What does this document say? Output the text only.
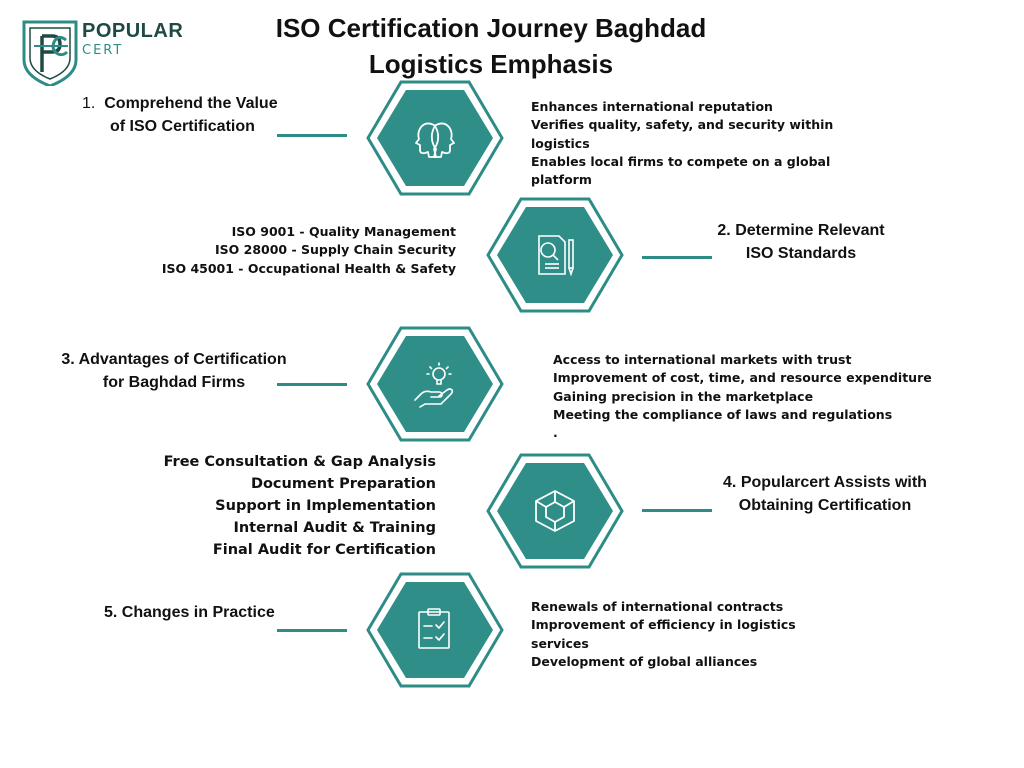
POPULAR
CERT
ISO Certification Journey Baghdad
Logistics Emphasis
1. Comprehend the Value
of ISO Certification
Enhances international reputation
Verifies quality, safety, and security within
logistics
Enables local firms to compete on a global
platform
ISO 9001 - Quality Management
ISO 28000 - Supply Chain Security
ISO 45001 - Occupational Health & Safety
2. Determine Relevant
ISO Standards
3. Advantages of Certification
for Baghdad Firms
Access to international markets with trust
Improvement of cost, time, and resource expenditure
Gaining precision in the marketplace
Meeting the compliance of laws and regulations
.
Free Consultation & Gap Analysis
Document Preparation
Support in Implementation
Internal Audit & Training
Final Audit for Certification
4. Popularcert Assists with
Obtaining Certification
5. Changes in Practice	Renewals of international contracts
Improvement of efficiency in logistics
services
Development of global alliances
